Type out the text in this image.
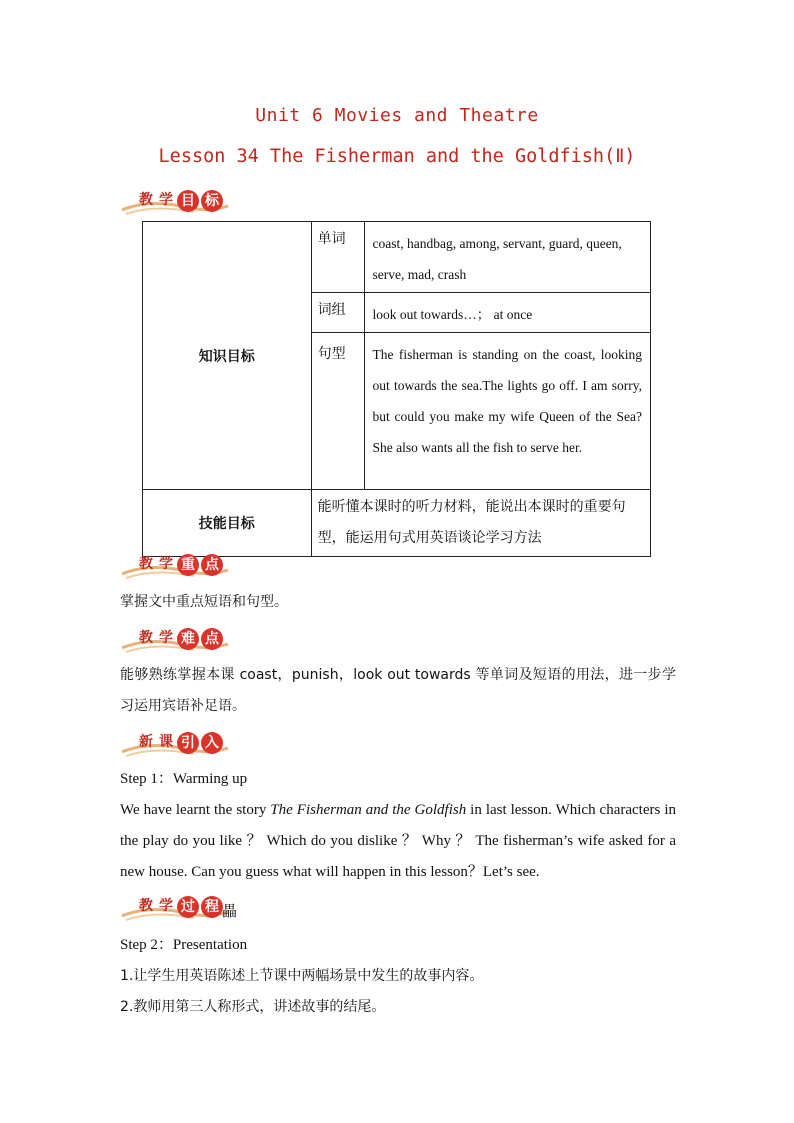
Unit 6 Movies and Theatre
Lesson 34 The Fisherman and the Goldfish(Ⅱ)
教 学 目 标
知识目标	单词	coast, handbag, among, servant, guard, queen, serve, mad, crash
	词组	look out towards…； at once
	句型	The fisherman is standing on the coast, looking out towards the sea.The lights go off. I am sorry, but could you make my wife Queen of the Sea?She also wants all the fish to serve her.
技能目标	能听懂本课时的听力材料，能说出本课时的重要句型，能运用句式用英语谈论学习方法	
教 学 重 点
掌握文中重点短语和句型。
教 学 难 点
能够熟练掌握本课 coast，punish，look out towards 等单词及短语的用法，进一步学习运用宾语补足语。
新 课 引 入
Step 1：Warming up
We have learnt the story The Fisherman and the Goldfish in last lesson. Which characters in the play do you like ？ Which do you dislike ？ Why ？ The fisherman’s wife asked for a new house. Can you guess what will happen in this lesson？Let’s see.
教 学 过 程 畾
Step 2：Presentation
1.让学生用英语陈述上节课中两幅场景中发生的故事内容。
2.教师用第三人称形式，讲述故事的结尾。
